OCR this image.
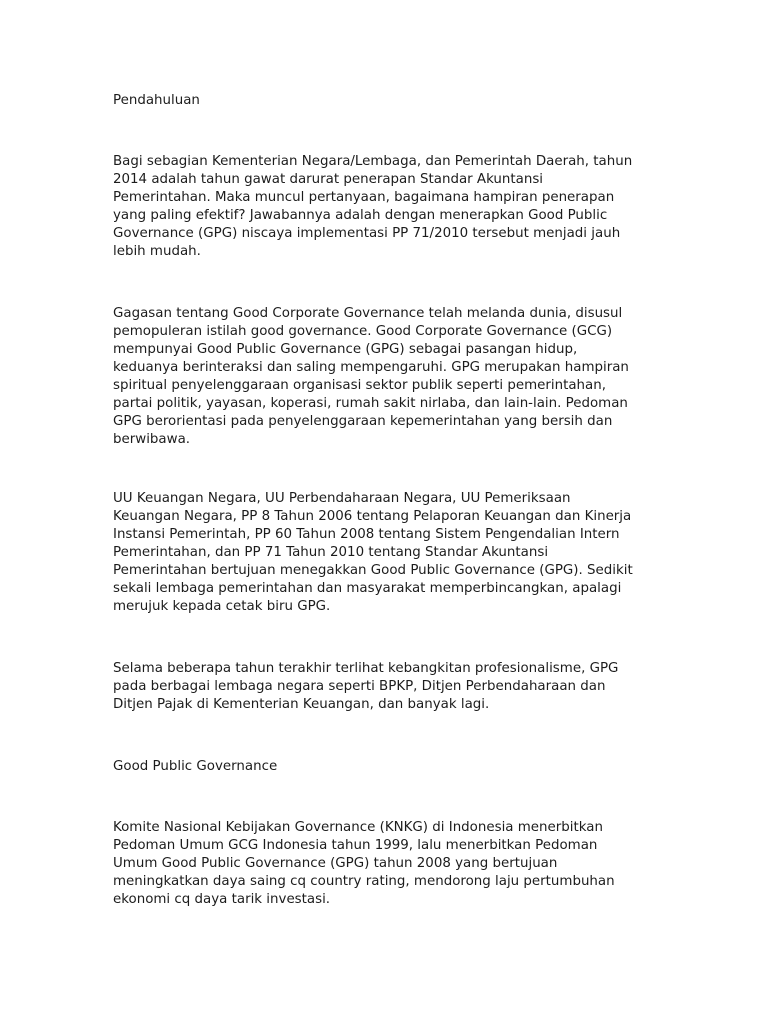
Pendahuluan

Bagi sebagian Kementerian Negara/Lembaga, dan Pemerintah Daerah, tahun
2014 adalah tahun gawat darurat penerapan Standar Akuntansi
Pemerintahan. Maka muncul pertanyaan, bagaimana hampiran penerapan
yang paling efektif? Jawabannya adalah dengan menerapkan Good Public
Governance (GPG) niscaya implementasi PP 71/2010 tersebut menjadi jauh
lebih mudah.

Gagasan tentang Good Corporate Governance telah melanda dunia, disusul
pemopuleran istilah good governance. Good Corporate Governance (GCG)
mempunyai Good Public Governance (GPG) sebagai pasangan hidup,
keduanya berinteraksi dan saling mempengaruhi. GPG merupakan hampiran
spiritual penyelenggaraan organisasi sektor publik seperti pemerintahan,
partai politik, yayasan, koperasi, rumah sakit nirlaba, dan lain-lain. Pedoman
GPG berorientasi pada penyelenggaraan kepemerintahan yang bersih dan
berwibawa.

UU Keuangan Negara, UU Perbendaharaan Negara, UU Pemeriksaan
Keuangan Negara, PP 8 Tahun 2006 tentang Pelaporan Keuangan dan Kinerja
Instansi Pemerintah, PP 60 Tahun 2008 tentang Sistem Pengendalian Intern
Pemerintahan, dan PP 71 Tahun 2010 tentang Standar Akuntansi
Pemerintahan bertujuan menegakkan Good Public Governance (GPG). Sedikit
sekali lembaga pemerintahan dan masyarakat memperbincangkan, apalagi
merujuk kepada cetak biru GPG.

Selama beberapa tahun terakhir terlihat kebangkitan profesionalisme, GPG
pada berbagai lembaga negara seperti BPKP, Ditjen Perbendaharaan dan
Ditjen Pajak di Kementerian Keuangan, dan banyak lagi.

Good Public Governance

Komite Nasional Kebijakan Governance (KNKG) di Indonesia menerbitkan
Pedoman Umum GCG Indonesia tahun 1999, lalu menerbitkan Pedoman
Umum Good Public Governance (GPG) tahun 2008 yang bertujuan
meningkatkan daya saing cq country rating, mendorong laju pertumbuhan
ekonomi cq daya tarik investasi.
